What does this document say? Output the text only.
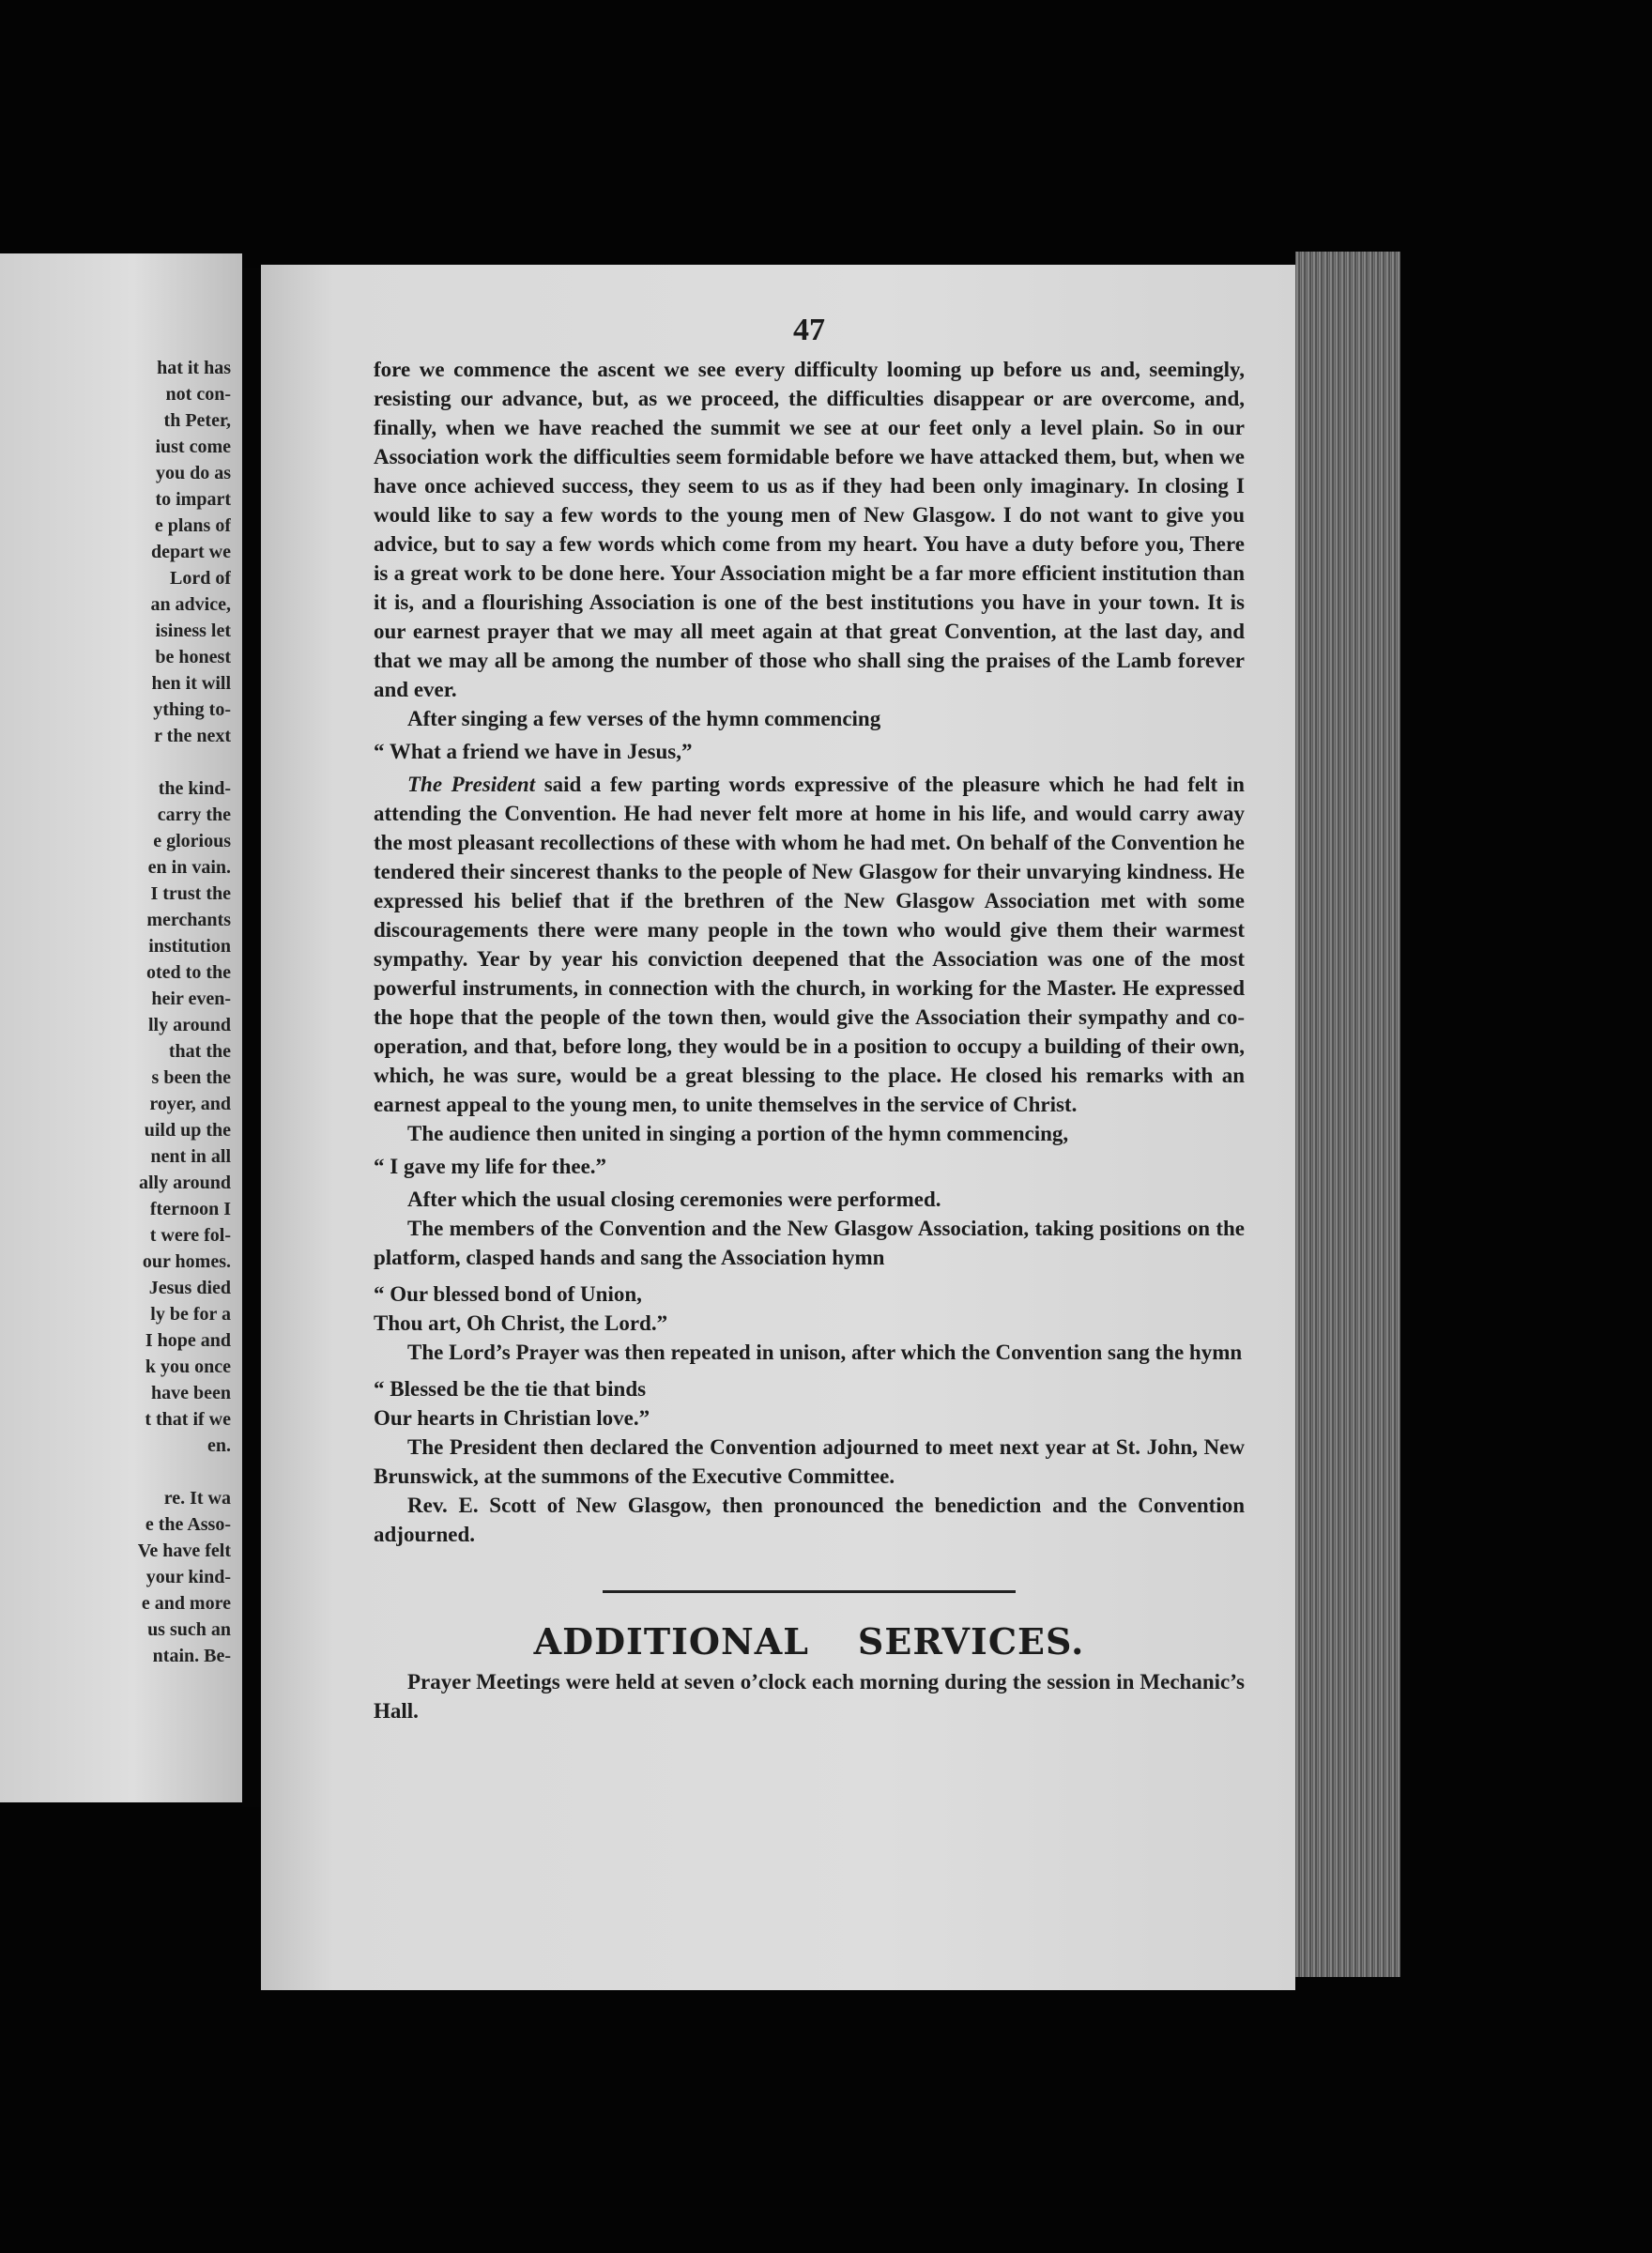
hat it has
not con-
th Peter,
iust come
you do as
to impart
e plans of
depart we
Lord of
an advice,
isiness let
be honest
hen it will
ything to-
r the next
the kind-
carry the
e glorious
en in vain.
I trust the
merchants
institution
oted to the
heir even-
lly around
that the
s been the
royer, and
uild up the
nent in all
ally around
fternoon I
t were fol-
our homes.
Jesus died
ly be for a
I hope and
k you once
have been
t that if we
en.
re. It wa
e the Asso-
Ve have felt
your kind-
e and more
us such an
ntain. Be-
47

fore we commence the ascent we see every difficulty looming up before us and, seemingly, resisting our advance, but, as we proceed, the difficulties disappear or are overcome, and, finally, when we have reached the summit we see at our feet only a level plain. So in our Association work the difficulties seem formidable before we have attacked them, but, when we have once achieved success, they seem to us as if they had been only imaginary. In closing I would like to say a few words to the young men of New Glasgow. I do not want to give you advice, but to say a few words which come from my heart. You have a duty before you, There is a great work to be done here. Your Association might be a far more efficient institution than it is, and a flourishing Association is one of the best institutions you have in your town. It is our earnest prayer that we may all meet again at that great Convention, at the last day, and that we may all be among the number of those who shall sing the praises of the Lamb forever and ever.

After singing a few verses of the hymn commencing

“ What a friend we have in Jesus,”

The President said a few parting words expressive of the pleasure which he had felt in attending the Convention. He had never felt more at home in his life, and would carry away the most pleasant recollections of these with whom he had met. On behalf of the Convention he tendered their sincerest thanks to the people of New Glasgow for their unvarying kindness. He expressed his belief that if the brethren of the New Glasgow Association met with some discouragements there were many people in the town who would give them their warmest sympathy. Year by year his conviction deepened that the Association was one of the most powerful instruments, in connection with the church, in working for the Master. He expressed the hope that the people of the town then, would give the Association their sympathy and co-operation, and that, before long, they would be in a position to occupy a building of their own, which, he was sure, would be a great blessing to the place. He closed his remarks with an earnest appeal to the young men, to unite themselves in the service of Christ.

The audience then united in singing a portion of the hymn commencing,

“ I gave my life for thee.”

After which the usual closing ceremonies were performed.

The members of the Convention and the New Glasgow Association, taking positions on the platform, clasped hands and sang the Association hymn

“ Our blessed bond of Union,
Thou art, Oh Christ, the Lord.”

The Lord’s Prayer was then repeated in unison, after which the Convention sang the hymn

“ Blessed be the tie that binds
Our hearts in Christian love.”

The President then declared the Convention adjourned to meet next year at St. John, New Brunswick, at the summons of the Executive Committee.

Rev. E. Scott of New Glasgow, then pronounced the benediction and the Convention adjourned.

ADDITIONAL SERVICES.

Prayer Meetings were held at seven o’clock each morning during the session in Mechanic’s Hall.
